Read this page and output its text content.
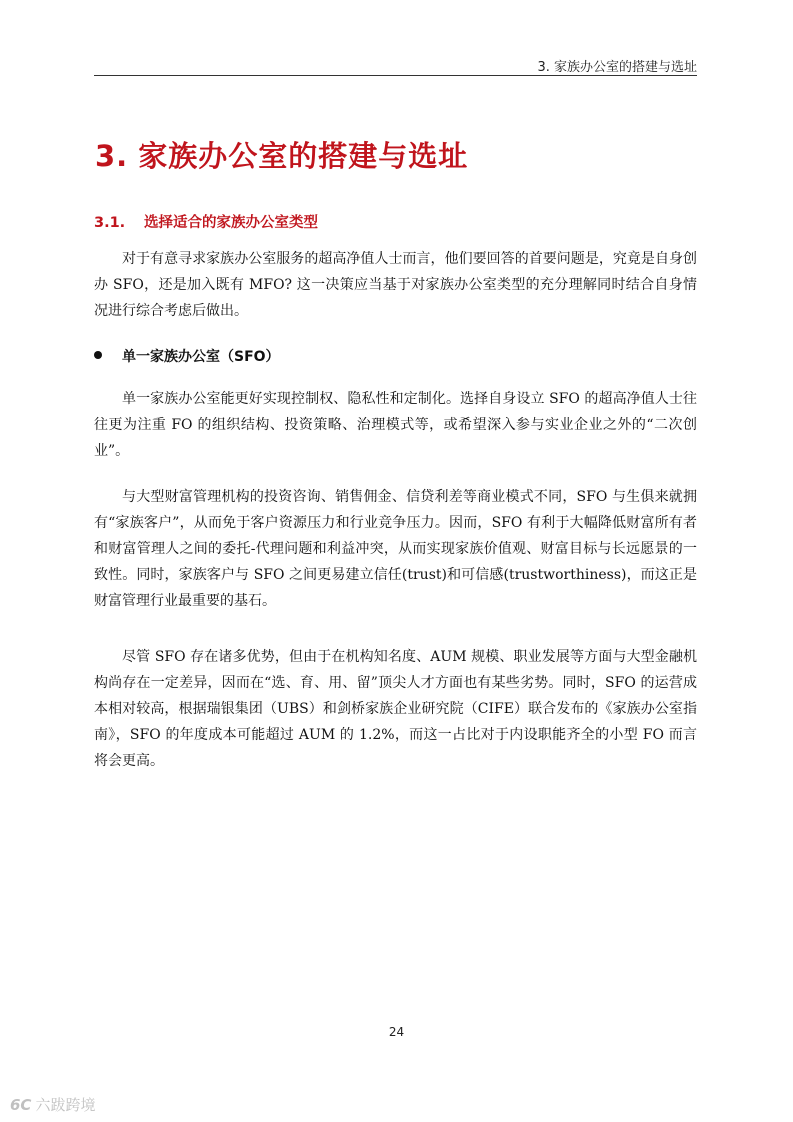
3. 家族办公室的搭建与选址
3. 家族办公室的搭建与选址
3.1. 选择适合的家族办公室类型

对于有意寻求家族办公室服务的超高净值人士而言，他们要回答的首要问题是，究竟是自身创办 SFO，还是加入既有 MFO? 这一决策应当基于对家族办公室类型的充分理解同时结合自身情况进行综合考虑后做出。

单一家族办公室（SFO）

单一家族办公室能更好实现控制权、隐私性和定制化。选择自身设立 SFO 的超高净值人士往往更为注重 FO 的组织结构、投资策略、治理模式等，或希望深入参与实业企业之外的“二次创业”。

与大型财富管理机构的投资咨询、销售佣金、信贷利差等商业模式不同，SFO 与生俱来就拥有“家族客户”，从而免于客户资源压力和行业竞争压力。因而，SFO 有利于大幅降低财富所有者和财富管理人之间的委托-代理问题和利益冲突，从而实现家族价值观、财富目标与长远愿景的一致性。同时，家族客户与 SFO 之间更易建立信任(trust)和可信感(trustworthiness)，而这正是财富管理行业最重要的基石。

尽管 SFO 存在诸多优势，但由于在机构知名度、AUM 规模、职业发展等方面与大型金融机构尚存在一定差异，因而在“选、育、用、留”顶尖人才方面也有某些劣势。同时，SFO 的运营成本相对较高，根据瑞银集团（UBS）和剑桥家族企业研究院（CIFE）联合发布的《家族办公室指南》，SFO 的年度成本可能超过 AUM 的 1.2%，而这一占比对于内设职能齐全的小型 FO 而言将会更高。

24
6C 六跋跨境
